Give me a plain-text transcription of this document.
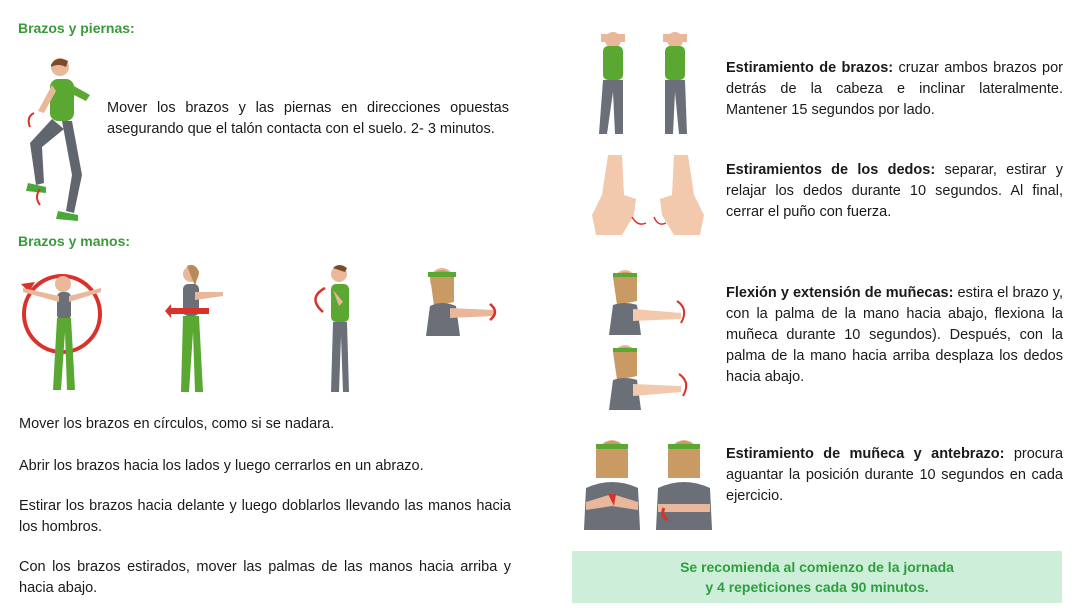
Brazos y piernas:
Mover los brazos y las piernas en direcciones opuestas asegurando que el talón contacta con el suelo. 2- 3 minutos.
Brazos y manos:
Mover los brazos en círculos, como si se nadara.
Abrir los brazos hacia los lados y luego cerrarlos en un abrazo.
Estirar los brazos hacia delante y luego doblarlos llevando las manos hacia los hombros.
Con los brazos estirados, mover las palmas de las manos hacia arriba y hacia abajo.
Estiramiento de brazos: cruzar ambos brazos por detrás de la cabeza e inclinar lateralmente. Mantener 15 segundos por lado.
Estiramientos de los dedos: separar, estirar y relajar los dedos durante 10 segundos. Al final, cerrar el puño con fuerza.
Flexión y extensión de muñecas: estira el brazo y, con la palma de la mano hacia abajo, flexiona la muñeca durante 10 segundos). Después, con la palma de la mano hacia arriba desplaza los dedos hacia abajo.
Estiramiento de muñeca y antebrazo: procura aguantar la posición durante 10 segundos en cada ejercicio.
Se recomienda al comienzo de la jornada
y 4 repeticiones cada 90 minutos.
